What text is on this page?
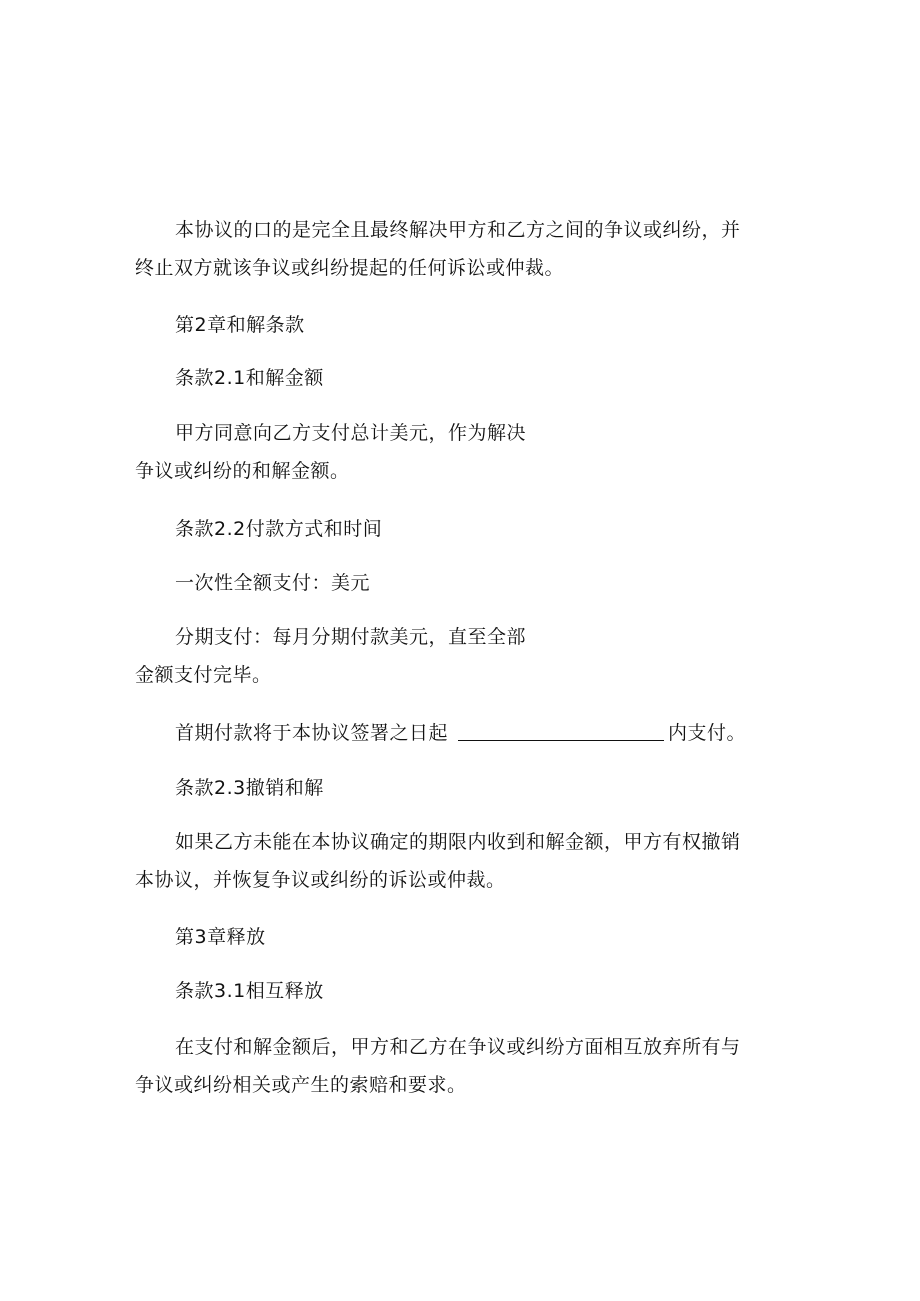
本协议的口的是完全且最终解决甲方和乙方之间的争议或纠纷，并
终止双方就该争议或纠纷提起的任何诉讼或仲裁。
第2章和解条款
条款2.1和解金额
甲方同意向乙方支付总计美元，作为解决
争议或纠纷的和解金额。
条款2.2付款方式和时间
一次性全额支付：美元
分期支付：每月分期付款美元，直至全部
金额支付完毕。
首期付款将于本协议签署之日起	内支付。
条款2.3撤销和解
如果乙方未能在本协议确定的期限内收到和解金额，甲方有权撤销
本协议，并恢复争议或纠纷的诉讼或仲裁。
第3章释放
条款3.1相互释放
在支付和解金额后，甲方和乙方在争议或纠纷方面相互放弃所有与
争议或纠纷相关或产生的索赔和要求。
